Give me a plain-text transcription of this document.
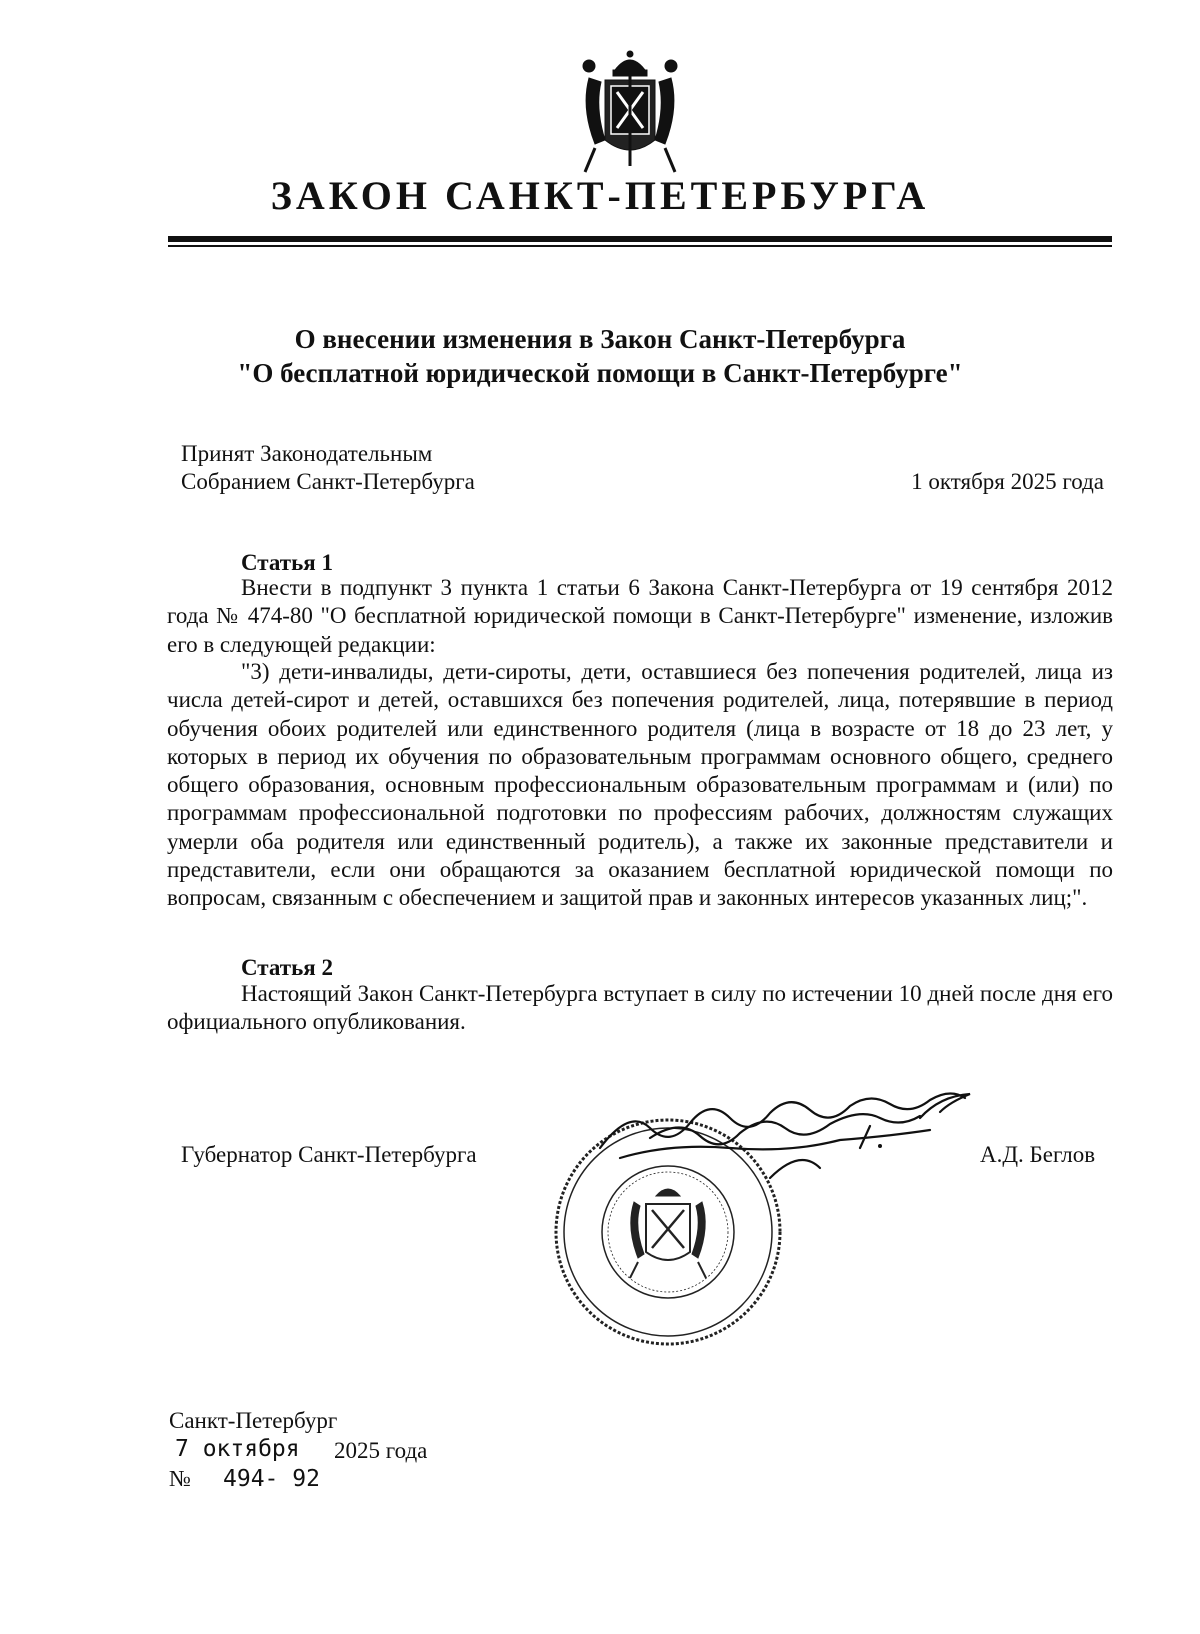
ЗАКОН САНКТ-ПЕТЕРБУРГА
О внесении изменения в Закон Санкт-Петербурга
"О бесплатной юридической помощи в Санкт-Петербурге"
Принят Законодательным
Собранием Санкт-Петербурга	1 октября 2025 года
Статья 1

Внести в подпункт 3 пункта 1 статьи 6 Закона Санкт-Петербурга от 19 сентября 2012 года № 474-80 "О бесплатной юридической помощи в Санкт-Петербурге" изменение, изложив его в следующей редакции:

"3) дети-инвалиды, дети-сироты, дети, оставшиеся без попечения родителей, лица из числа детей-сирот и детей, оставшихся без попечения родителей, лица, потерявшие в период обучения обоих родителей или единственного родителя (лица в возрасте от 18 до 23 лет, у которых в период их обучения по образовательным программам основного общего, среднего общего образования, основным профессиональным образовательным программам и (или) по программам профессиональной подготовки по профессиям рабочих, должностям служащих умерли оба родителя или единственный родитель), а также их законные представители и представители, если они обращаются за оказанием бесплатной юридической помощи по вопросам, связанным с обеспечением и защитой прав и законных интересов указанных лиц;".

Статья 2

Настоящий Закон Санкт-Петербурга вступает в силу по истечении 10 дней после дня его официального опубликования.

Губернатор Санкт-Петербурга	А.Д. Беглов
Санкт-Петербург
7 октября 2025 года
№ 494- 92
